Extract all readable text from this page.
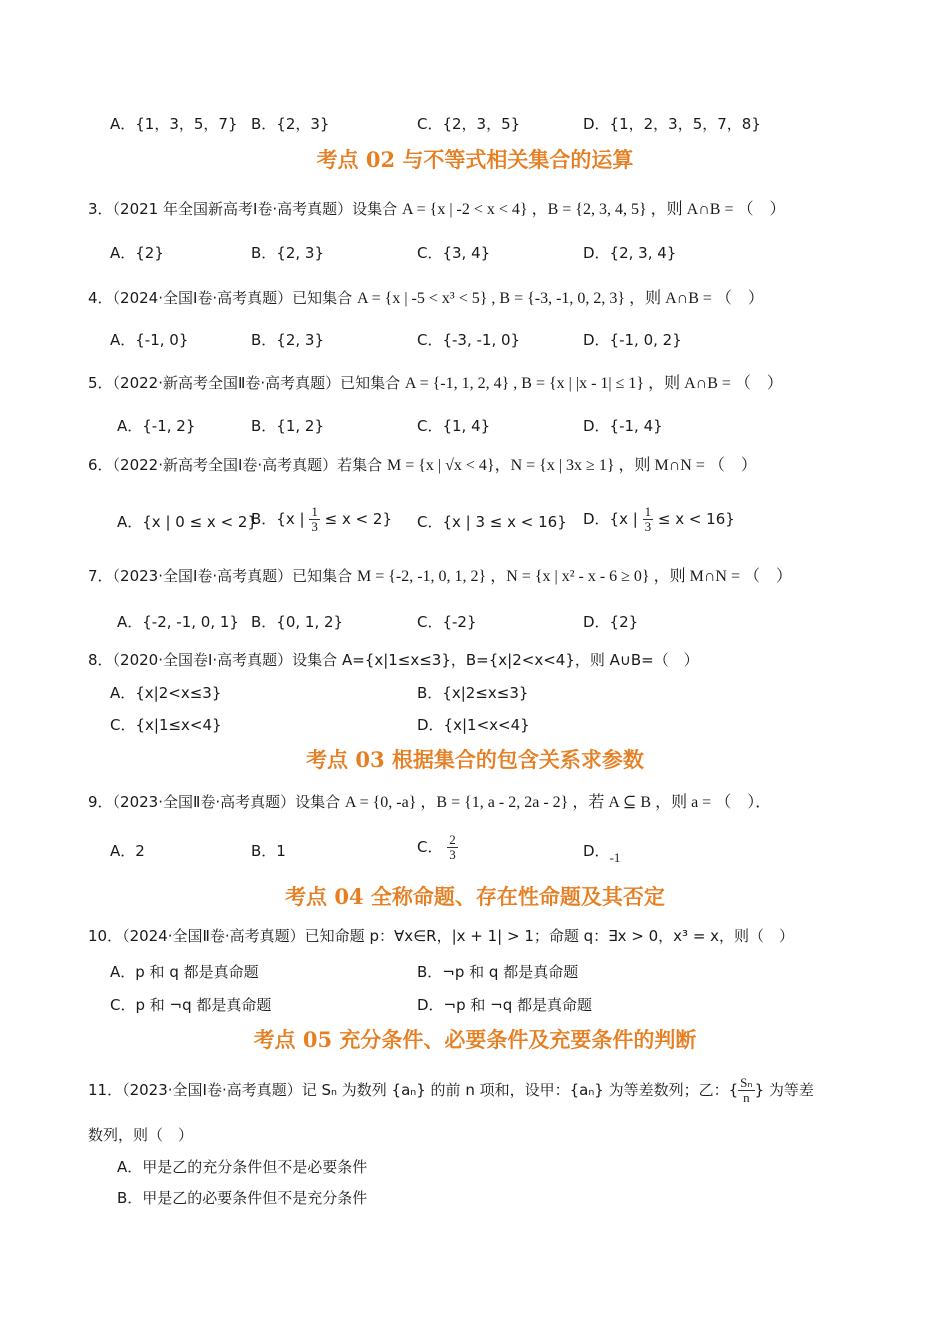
A．{1，3，5，7} B．{2，3}	C．{2，3，5}	D．{1，2，3，5，7，8}
考点 02 与不等式相关集合的运算
3．（2021 年全国新高考Ⅰ卷·高考真题）设集合 A = {x | -2 < x < 4} ，B = {2, 3, 4, 5} ，则 A∩B = （　）
A．{2}	B．{2, 3}	C．{3, 4}	D．{2, 3, 4}
4．（2024·全国Ⅰ卷·高考真题）已知集合 A = {x | -5 < x³ < 5} , B = {-3, -1, 0, 2, 3} ，则 A∩B = （　）
A．{-1, 0}	B．{2, 3}	C．{-3, -1, 0}	D．{-1, 0, 2}
5．（2022·新高考全国Ⅱ卷·高考真题）已知集合 A = {-1, 1, 2, 4} , B = {x | |x - 1| ≤ 1} ，则 A∩B = （　）
A．{-1, 2}	B．{1, 2}	C．{1, 4}	D．{-1, 4}
6．（2022·新高考全国Ⅰ卷·高考真题）若集合 M = {x | √x < 4}，N = {x | 3x ≥ 1} ，则 M∩N = （　）
A．{x | 0 ≤ x < 2}
B．{x | $\frac{1}{3} \le x < 2$} C．{x | 3 ≤ x < 16} D．{x | $\frac{1}{3} \le x < 16$}
7．（2023·全国Ⅰ卷·高考真题）已知集合 M = {-2, -1, 0, 1, 2} ，N = {x | x² - x - 6 ≥ 0} ，则 M∩N = （　）
A．{-2, -1, 0, 1} B．{0, 1, 2}	C．{-2}	D．{2}
8．（2020·全国卷Ⅰ·高考真题）设集合 A={x|1≤x≤3}，B={x|2<x<4}，则 A∪B=（　）
A．{x|2<x≤3}	B．{x|2≤x≤3}
C．{x|1≤x<4}	D．{x|1<x<4}
考点 03 根据集合的包含关系求参数
9．（2023·全国Ⅱ卷·高考真题）设集合 A = {0, -a} ，B = {1, a - 2, 2a - 2} ，若 A ⊆ B ，则 a = （　）．
A．2	B．1	C． $\frac{2}{3}$	D．-1
考点 04 全称命题、存在性命题及其否定
10．（2024·全国Ⅱ卷·高考真题）已知命题 p：∀x∈R，|x + 1| > 1；命题 q：∃x > 0，x³ = x，则（　）
A．p 和 q 都是真命题	B．¬p 和 q 都是真命题
C．p 和 ¬q 都是真命题	D．¬p 和 ¬q 都是真命题
考点 05 充分条件、必要条件及充要条件的判断
11．（2023·全国Ⅰ卷·高考真题）记 Sₙ 为数列 {aₙ} 的前 n 项和，设甲：{aₙ} 为等差数列；乙：{ $\frac{\text{Sₙ}}{n}$ } 为等差
数列，则（　）
A．甲是乙的充分条件但不是必要条件
B．甲是乙的必要条件但不是充分条件
